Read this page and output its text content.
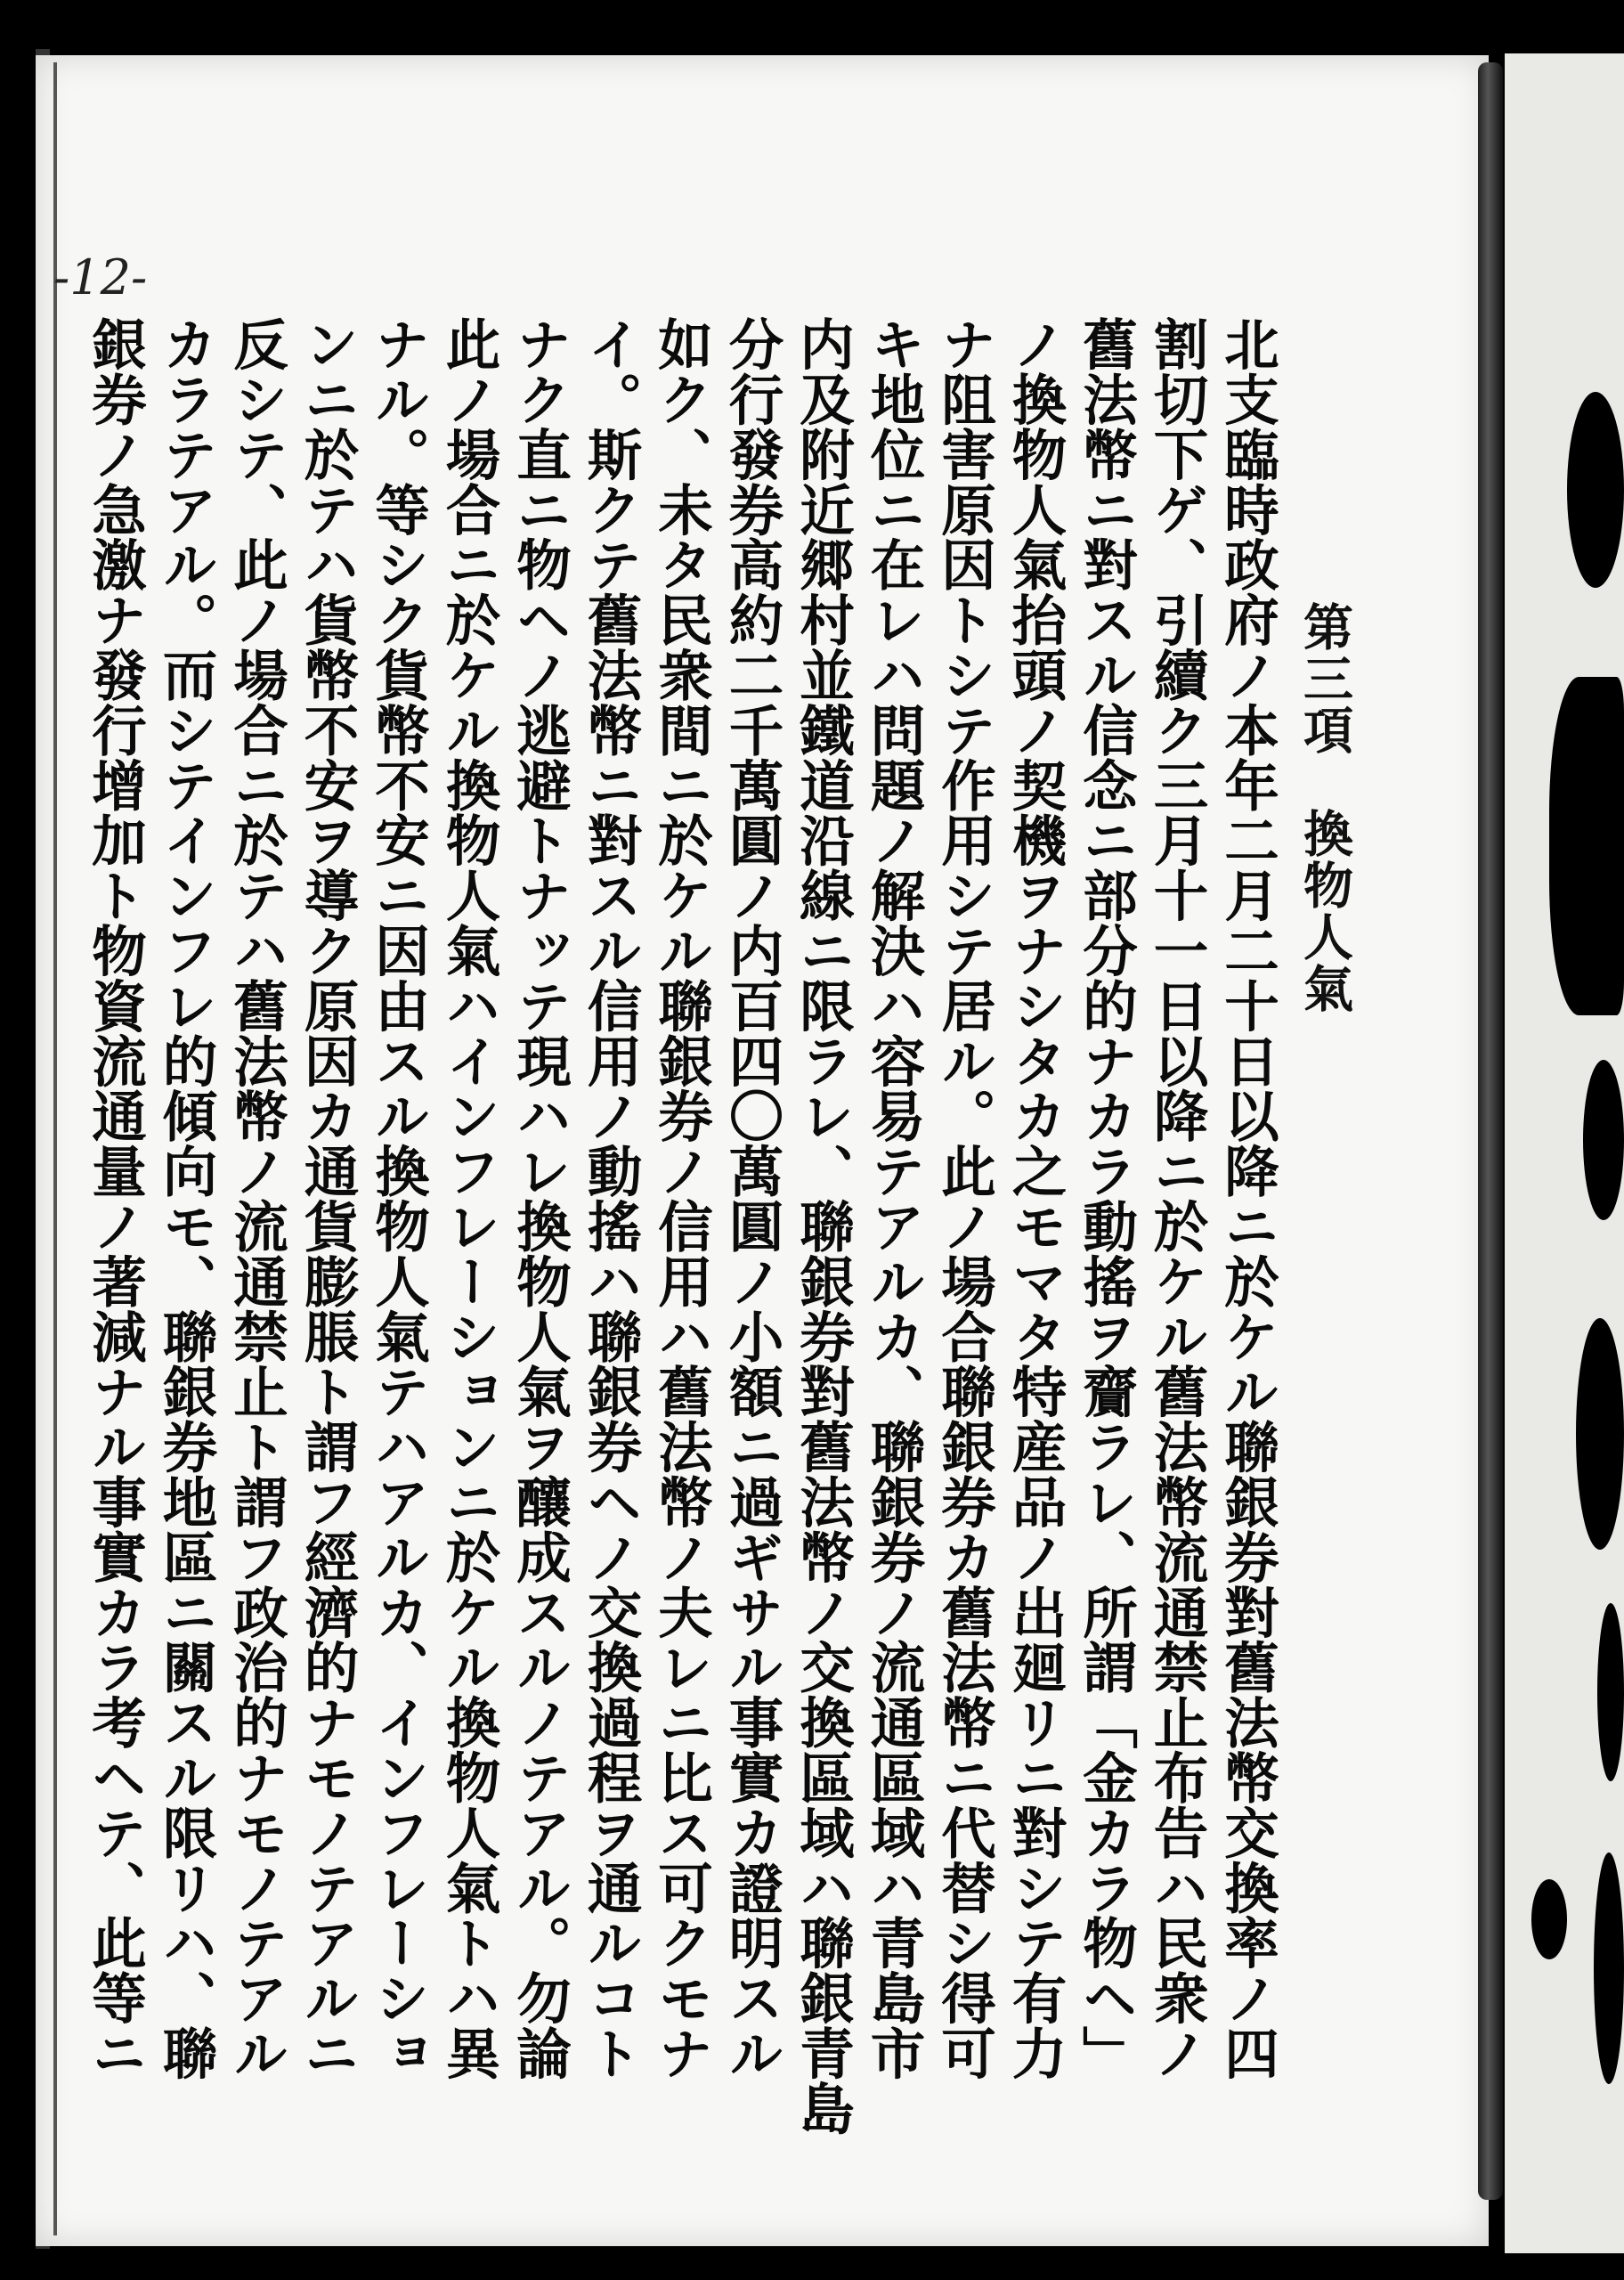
-12-
第三項　換物人氣
北支臨時政府ノ本年二月二十日以降ニ於ケル聯銀券對舊法幣交換率ノ四
割切下ゲ、引續ク三月十一日以降ニ於ケル舊法幣流通禁止布告ハ民衆ノ
舊法幣ニ對スル信念ニ部分的ナカラ動搖ヲ齎ラレ、所謂「金カラ物ヘ」
ノ換物人氣抬頭ノ契機ヲナシタカ之モマタ特産品ノ出廻リニ對シテ有力
ナ阻害原因トシテ作用シテ居ル。此ノ場合聯銀券カ舊法幣ニ代替シ得可
キ地位ニ在レハ問題ノ解決ハ容易テアルカ、聯銀券ノ流通區域ハ青島市
内及附近郷村並鐵道沿線ニ限ラレ、聯銀券對舊法幣ノ交換區域ハ聯銀青島
分行發券高約二千萬圓ノ内百四〇萬圓ノ小額ニ過ギサル事實カ證明スル
如ク、未タ民衆間ニ於ケル聯銀券ノ信用ハ舊法幣ノ夫レニ比ス可クモナ
イ。斯クテ舊法幣ニ對スル信用ノ動搖ハ聯銀券ヘノ交換過程ヲ通ルコト
ナク直ニ物ヘノ逃避トナッテ現ハレ換物人氣ヲ釀成スルノテアル。勿論
此ノ場合ニ於ケル換物人氣ハインフレーションニ於ケル換物人氣トハ異
ナル。等シク貨幣不安ニ因由スル換物人氣テハアルカ、インフレーショ
ンニ於テハ貨幣不安ヲ導ク原因カ通貨膨脹ト謂フ經濟的ナモノテアルニ
反シテ、此ノ場合ニ於テハ舊法幣ノ流通禁止ト謂フ政治的ナモノテアル
カラテアル。而シテインフレ的傾向モ、聯銀券地區ニ關スル限リハ、聯
銀券ノ急激ナ發行增加ト物資流通量ノ著減ナル事實カラ考ヘテ、此等ニ
